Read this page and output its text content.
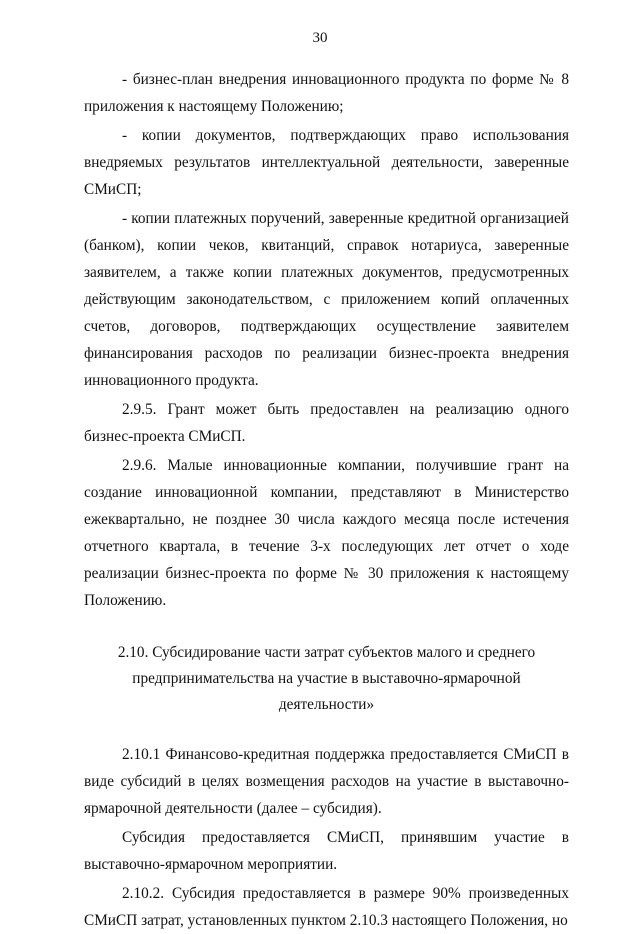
30

- бизнес-план внедрения инновационного продукта по форме № 8 приложения к настоящему Положению;

- копии документов, подтверждающих право использования внедряемых результатов интеллектуальной деятельности, заверенные СМиСП;

- копии платежных поручений, заверенные кредитной организацией (банком), копии чеков, квитанций, справок нотариуса, заверенные заявителем, а также копии платежных документов, предусмотренных действующим законодательством, с приложением копий оплаченных счетов, договоров, подтверждающих осуществление заявителем финансирования расходов по реализации бизнес-проекта внедрения инновационного продукта.

2.9.5. Грант может быть предоставлен на реализацию одного бизнес-проекта СМиСП.

2.9.6. Малые инновационные компании, получившие грант на создание инновационной компании, представляют в Министерство ежеквартально, не позднее 30 числа каждого месяца после истечения отчетного квартала, в течение 3-х последующих лет отчет о ходе реализации бизнес-проекта по форме № 30 приложения к настоящему Положению.

2.10. Субсидирование части затрат субъектов малого и среднего предпринимательства на участие в выставочно-ярмарочной деятельности»

2.10.1 Финансово-кредитная поддержка предоставляется СМиСП в виде субсидий в целях возмещения расходов на участие в выставочно-ярмарочной деятельности (далее – субсидия).

Субсидия предоставляется СМиСП, принявшим участие в выставочно-ярмарочном мероприятии.

2.10.2. Субсидия предоставляется в размере 90% произведенных СМиСП затрат, установленных пунктом 2.10.3 настоящего Положения, но
